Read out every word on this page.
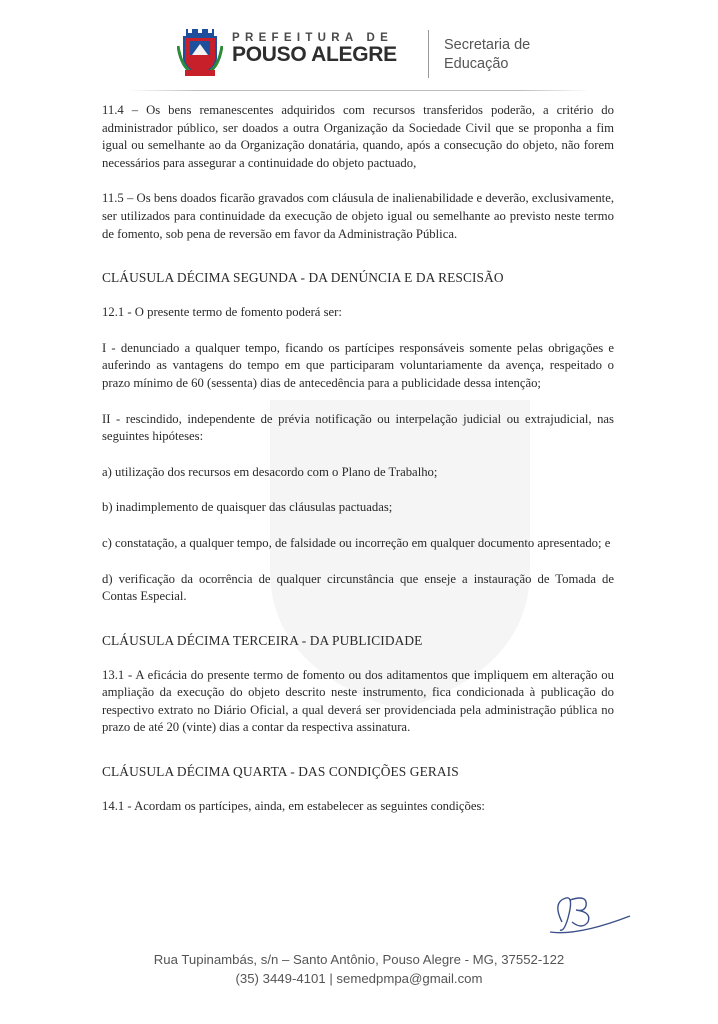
PREFEITURA DE
POUSO ALEGRE	Secretaria de
Educação

11.4 – Os bens remanescentes adquiridos com recursos transferidos poderão, a critério do administrador público, ser doados a outra Organização da Sociedade Civil que se proponha a fim igual ou semelhante ao da Organização donatária, quando, após a consecução do objeto, não forem necessários para assegurar a continuidade do objeto pactuado,

11.5 – Os bens doados ficarão gravados com cláusula de inalienabilidade e deverão, exclusivamente, ser utilizados para continuidade da execução de objeto igual ou semelhante ao previsto neste termo de fomento, sob pena de reversão em favor da Administração Pública.

CLÁUSULA DÉCIMA SEGUNDA - DA DENÚNCIA E DA RESCISÃO

12.1 - O presente termo de fomento poderá ser:

I - denunciado a qualquer tempo, ficando os partícipes responsáveis somente pelas obrigações e auferindo as vantagens do tempo em que participaram voluntariamente da avença, respeitado o prazo mínimo de 60 (sessenta) dias de antecedência para a publicidade dessa intenção;

II - rescindido, independente de prévia notificação ou interpelação judicial ou extrajudicial, nas seguintes hipóteses:

a) utilização dos recursos em desacordo com o Plano de Trabalho;

b) inadimplemento de quaisquer das cláusulas pactuadas;

c) constatação, a qualquer tempo, de falsidade ou incorreção em qualquer documento apresentado; e

d) verificação da ocorrência de qualquer circunstância que enseje a instauração de Tomada de Contas Especial.

CLÁUSULA DÉCIMA TERCEIRA - DA PUBLICIDADE

13.1 - A eficácia do presente termo de fomento ou dos aditamentos que impliquem em alteração ou ampliação da execução do objeto descrito neste instrumento, fica condicionada à publicação do respectivo extrato no Diário Oficial, a qual deverá ser providenciada pela administração pública no prazo de até 20 (vinte) dias a contar da respectiva assinatura.

CLÁUSULA DÉCIMA QUARTA - DAS CONDIÇÕES GERAIS

14.1 - Acordam os partícipes, ainda, em estabelecer as seguintes condições:

Rua Tupinambás, s/n – Santo Antônio, Pouso Alegre - MG, 37552-122
(35) 3449-4101 | semedpmpa@gmail.com
